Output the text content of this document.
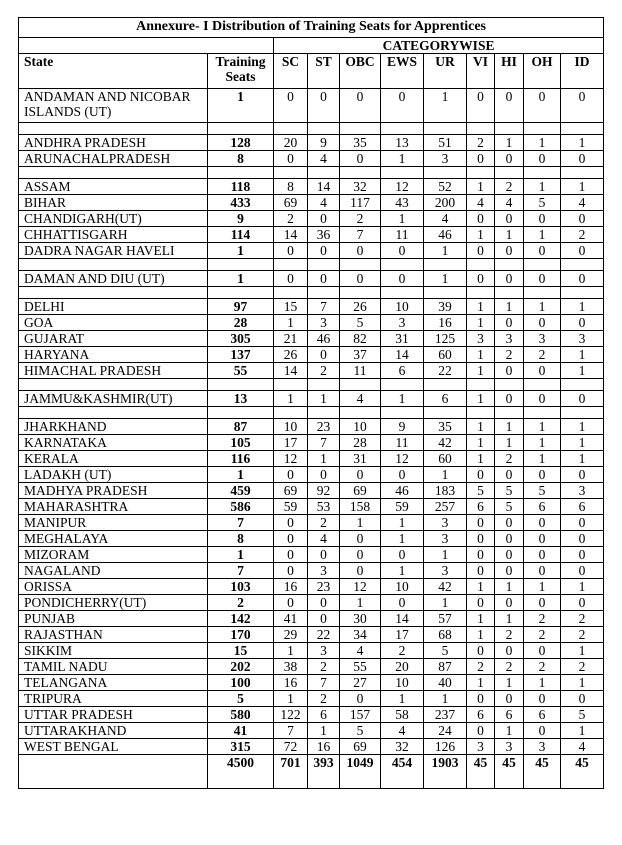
Annexure- I Distribution of Training Seats for Apprentices										
		CATEGORYWISE								
State	Training Seats	SC	ST	OBC	EWS	UR	VI	HI	OH	ID
ANDAMAN AND NICOBAR ISLANDS (UT)	1	0	0	0	0	1	0	0	0	0

ANDHRA PRADESH	128	20	9	35	13	51	2	1	1	1
ARUNACHALPRADESH	8	0	4	0	1	3	0	0	0	0

ASSAM	118	8	14	32	12	52	1	2	1	1
BIHAR	433	69	4	117	43	200	4	4	5	4
CHANDIGARH(UT)	9	2	0	2	1	4	0	0	0	0
CHHATTISGARH	114	14	36	7	11	46	1	1	1	2
DADRA NAGAR HAVELI	1	0	0	0	0	1	0	0	0	0

DAMAN AND DIU (UT)	1	0	0	0	0	1	0	0	0	0

DELHI	97	15	7	26	10	39	1	1	1	1
GOA	28	1	3	5	3	16	1	0	0	0
GUJARAT	305	21	46	82	31	125	3	3	3	3
HARYANA	137	26	0	37	14	60	1	2	2	1
HIMACHAL PRADESH	55	14	2	11	6	22	1	0	0	1

JAMMU&KASHMIR(UT)	13	1	1	4	1	6	1	0	0	0

JHARKHAND	87	10	23	10	9	35	1	1	1	1
KARNATAKA	105	17	7	28	11	42	1	1	1	1
KERALA	116	12	1	31	12	60	1	2	1	1
LADAKH (UT)	1	0	0	0	0	1	0	0	0	0
MADHYA PRADESH	459	69	92	69	46	183	5	5	5	3
MAHARASHTRA	586	59	53	158	59	257	6	5	6	6
MANIPUR	7	0	2	1	1	3	0	0	0	0
MEGHALAYA	8	0	4	0	1	3	0	0	0	0
MIZORAM	1	0	0	0	0	1	0	0	0	0
NAGALAND	7	0	3	0	1	3	0	0	0	0
ORISSA	103	16	23	12	10	42	1	1	1	1
PONDICHERRY(UT)	2	0	0	1	0	1	0	0	0	0
PUNJAB	142	41	0	30	14	57	1	1	2	2
RAJASTHAN	170	29	22	34	17	68	1	2	2	2
SIKKIM	15	1	3	4	2	5	0	0	0	1
TAMIL NADU	202	38	2	55	20	87	2	2	2	2
TELANGANA	100	16	7	27	10	40	1	1	1	1
TRIPURA	5	1	2	0	1	1	0	0	0	0
UTTAR PRADESH	580	122	6	157	58	237	6	6	6	5
UTTARAKHAND	41	7	1	5	4	24	0	1	0	1
WEST BENGAL	315	72	16	69	32	126	3	3	3	4
	4500	701	393	1049	454	1903	45	45	45	45
